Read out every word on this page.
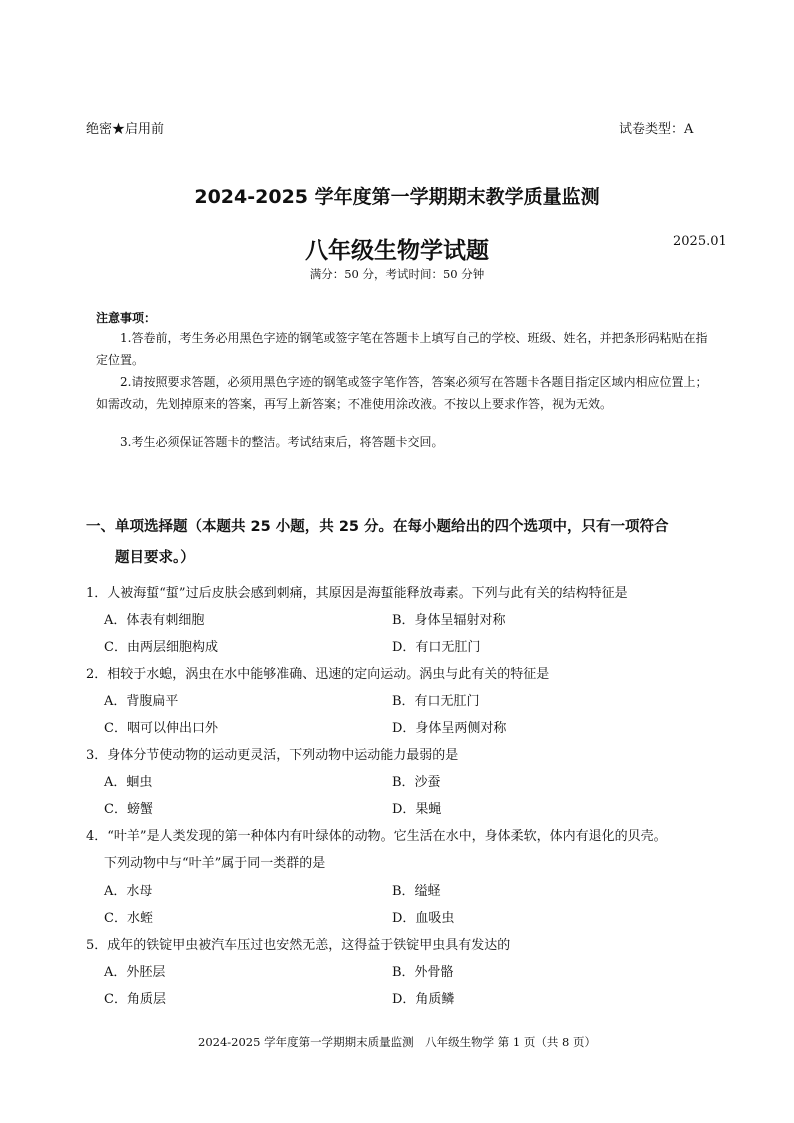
绝密★启用前	试卷类型：A
2024-2025 学年度第一学期期末教学质量监测
八年级生物学试题	2025.01
满分：50 分，考试时间：50 分钟
注意事项：
1.答卷前，考生务必用黑色字迹的钢笔或签字笔在答题卡上填写自己的学校、班级、姓名，并把条形码粘贴在指定位置。
2.请按照要求答题，必须用黑色字迹的钢笔或签字笔作答，答案必须写在答题卡各题目指定区域内相应位置上；如需改动，先划掉原来的答案，再写上新答案；不准使用涂改液。不按以上要求作答，视为无效。
3.考生必须保证答题卡的整洁。考试结束后，将答题卡交回。
一、单项选择题（本题共 25 小题，共 25 分。在每小题给出的四个选项中，只有一项符合
题目要求。）
1．人被海蜇“蜇”过后皮肤会感到刺痛，其原因是海蜇能释放毒素。下列与此有关的结构特征是
A．体表有刺细胞	B．身体呈辐射对称
C．由两层细胞构成	D．有口无肛门
2．相较于水螅，涡虫在水中能够准确、迅速的定向运动。涡虫与此有关的特征是
A．背腹扁平	B．有口无肛门
C．咽可以伸出口外	D．身体呈两侧对称
3．身体分节使动物的运动更灵活，下列动物中运动能力最弱的是
A．蛔虫	B．沙蚕
C．螃蟹	D．果蝇
4．“叶羊”是人类发现的第一种体内有叶绿体的动物。它生活在水中，身体柔软，体内有退化的贝壳。
下列动物中与“叶羊”属于同一类群的是
A．水母	B．缢蛏
C．水蛭	D．血吸虫
5．成年的铁锭甲虫被汽车压过也安然无恙，这得益于铁锭甲虫具有发达的
A．外胚层	B．外骨骼
C．角质层	D．角质鳞
2024-2025 学年度第一学期期末质量监测　八年级生物学 第 1 页（共 8 页）
